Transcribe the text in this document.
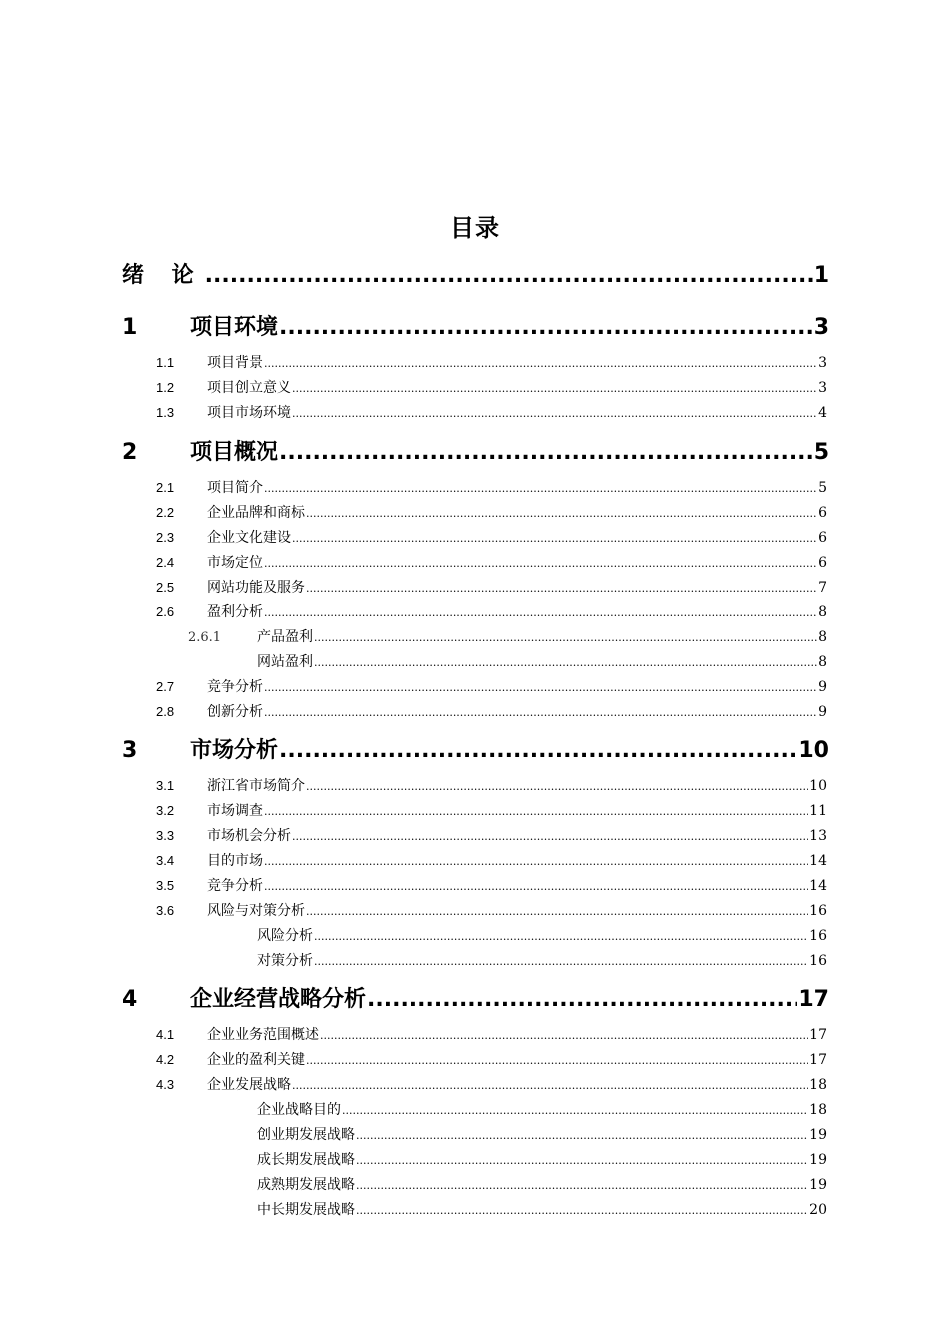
目录
绪 论 .....	1
1	项目环境 .....	3
1.1	项目背景 .....	3
1.2	项目创立意义 .....	3
1.3	项目市场环境 .....	4
2	项目概况 .....	5
2.1	项目简介 .....	5
2.2	企业品牌和商标 .....	6
2.3	企业文化建设 .....	6
2.4	市场定位 .....	6
2.5	网站功能及服务 .....	7
2.6	盈利分析 .....	8
2.6.1	产品盈利 .....	8
网站盈利 .....	8
2.7	竞争分析 .....	9
2.8	创新分析 .....	9
3	市场分析 .....	10
3.1	浙江省市场简介 .....	10
3.2	市场调查 .....	11
3.3	市场机会分析 .....	13
3.4	目的市场 .....	14
3.5	竞争分析 .....	14
3.6	风险与对策分析 .....	16
风险分析 .....	16
对策分析 .....	16
4	企业经营战略分析 .....	17
4.1	企业业务范围概述 .....	17
4.2	企业的盈利关键 .....	17
4.3	企业发展战略 .....	18
企业战略目的 .....	18
创业期发展战略 .....	19
成长期发展战略 .....	19
成熟期发展战略 .....	19
中长期发展战略 .....	20
